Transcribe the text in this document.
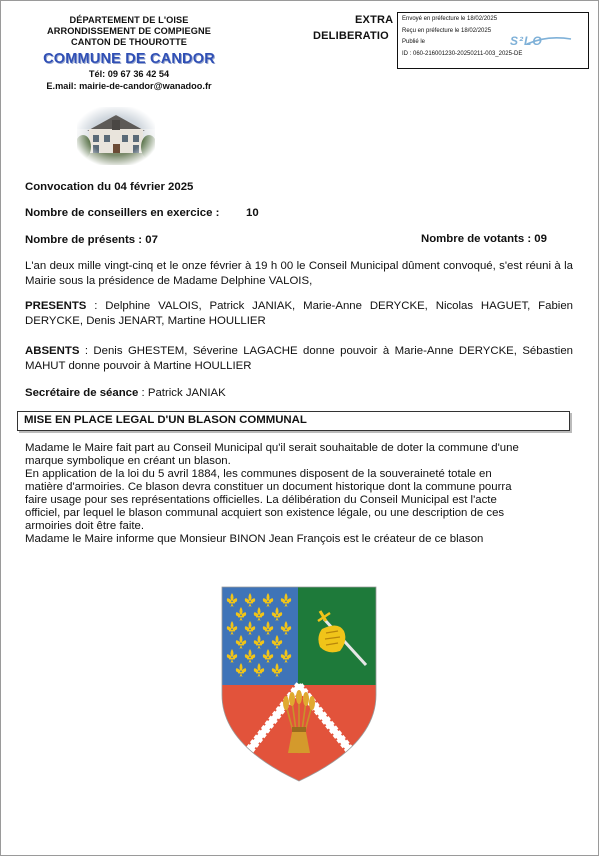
DÉPARTEMENT DE L'OISE
ARRONDISSEMENT DE COMPIEGNE
CANTON DE THOUROTTE
COMMUNE DE CANDOR
Tél: 09 67 36 42 54
E.mail: mairie-de-candor@wanadoo.fr
EXTRA
DELIBERATIO
Envoyé en préfecture le 18/02/2025
Reçu en préfecture le 18/02/2025
Publié le
ID : 060-216001230-20250211-003_2025-DE
S²LO
Convocation du 04 février 2025
Nombre de conseillers en exercice : 10
Nombre de présents : 07	Nombre de votants : 09
L'an deux mille vingt-cinq et le onze février à 19 h 00 le Conseil Municipal dûment convoqué, s'est réuni à la Mairie sous la présidence de Madame Delphine VALOIS,
PRESENTS : Delphine VALOIS, Patrick JANIAK, Marie-Anne DERYCKE, Nicolas HAGUET, Fabien DERYCKE, Denis JENART, Martine HOULLIER
ABSENTS : Denis GHESTEM, Séverine LAGACHE donne pouvoir à Marie-Anne DERYCKE, Sébastien MAHUT donne pouvoir à Martine HOULLIER
Secrétaire de séance : Patrick JANIAK
MISE EN PLACE LEGAL D'UN BLASON COMMUNAL
Madame le Maire fait part au Conseil Municipal qu'il serait souhaitable de doter la commune d'une
marque symbolique en créant un blason.
En application de la loi du 5 avril 1884, les communes disposent de la souveraineté totale en
matière d'armoiries. Ce blason devra constituer un document historique dont la commune pourra
faire usage pour ses représentations officielles. La délibération du Conseil Municipal est l'acte
officiel, par lequel le blason communal acquiert son existence légale, ou une description de ces
armoiries doit être faite.
Madame le Maire informe que Monsieur BINON Jean François est le créateur de ce blason
